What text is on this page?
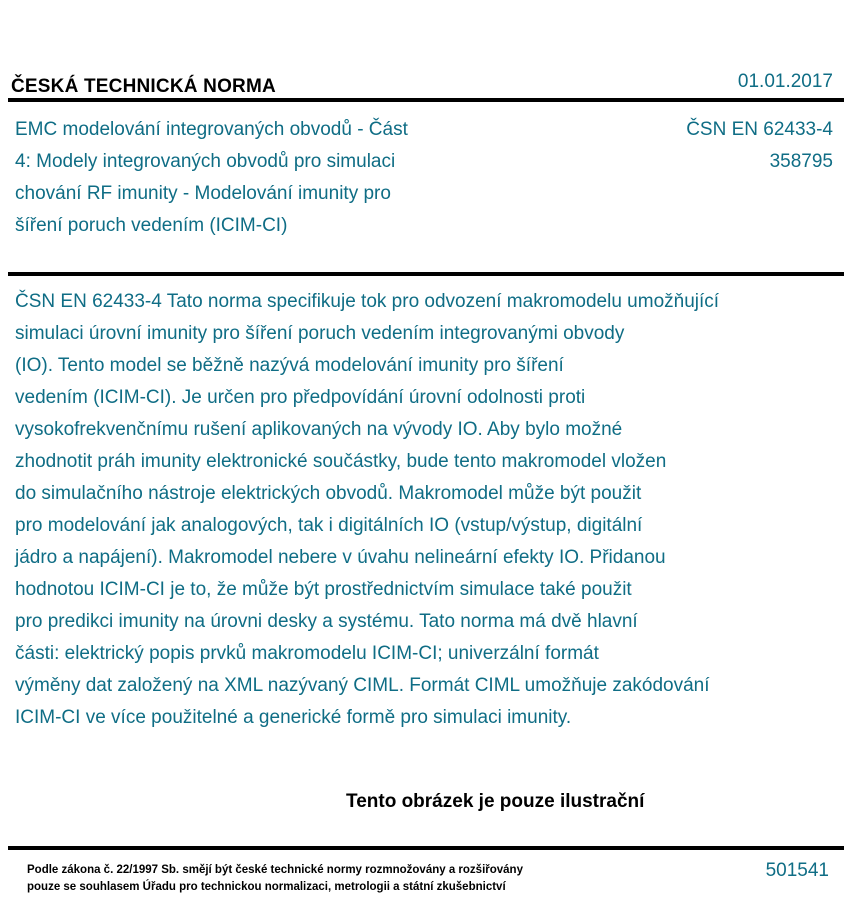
ČESKÁ TECHNICKÁ NORMA	01.01.2017
EMC modelování integrovaných obvodů - Část
4: Modely integrovaných obvodů pro simulaci
chování RF imunity - Modelování imunity pro
šíření poruch vedením (ICIM-CI)
ČSN EN 62433-4
358795
ČSN EN 62433-4 Tato norma specifikuje tok pro odvození makromodelu umožňující
simulaci úrovní imunity pro šíření poruch vedením integrovanými obvody
(IO). Tento model se běžně nazývá modelování imunity pro šíření
vedením (ICIM-CI). Je určen pro předpovídání úrovní odolnosti proti
vysokofrekvenčnímu rušení aplikovaných na vývody IO. Aby bylo možné
zhodnotit práh imunity elektronické součástky, bude tento makromodel vložen
do simulačního nástroje elektrických obvodů. Makromodel může být použit
pro modelování jak analogových, tak i digitálních IO (vstup/výstup, digitální
jádro a napájení). Makromodel nebere v úvahu nelineární efekty IO. Přidanou
hodnotou ICIM-CI je to, že může být prostřednictvím simulace také použit
pro predikci imunity na úrovni desky a systému. Tato norma má dvě hlavní
části: elektrický popis prvků makromodelu ICIM-CI; univerzální formát
výměny dat založený na XML nazývaný CIML. Formát CIML umožňuje zakódování
ICIM-CI ve více použitelné a generické formě pro simulaci imunity.
Tento obrázek je pouze ilustrační
Podle zákona č. 22/1997 Sb. smějí být české technické normy rozmnožovány a rozšiřovány
pouze se souhlasem Úřadu pro technickou normalizaci, metrologii a státní zkušebnictví
501541
